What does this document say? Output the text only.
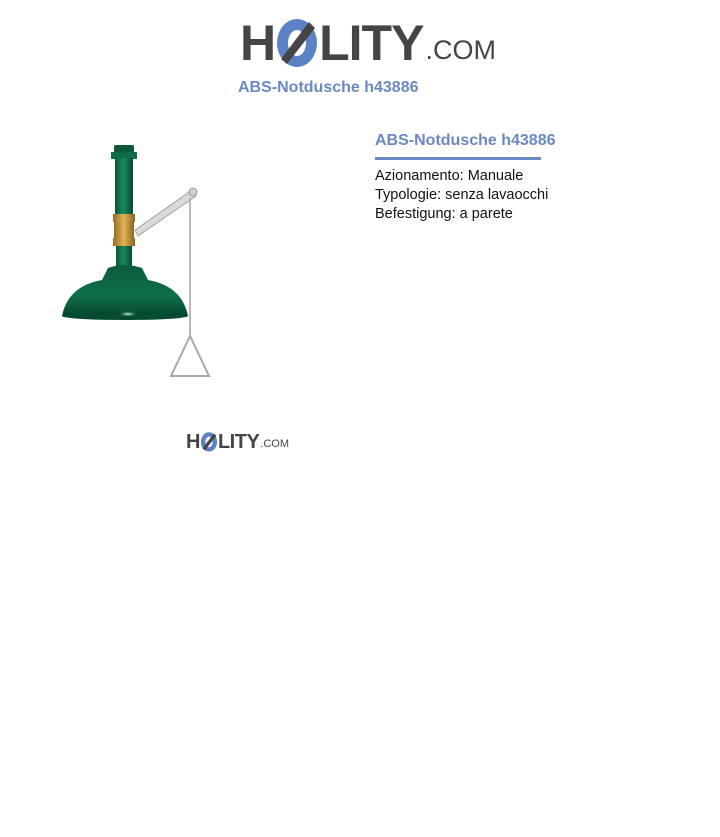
H LITY .COM
ABS-Notdusche h43886
H LITY .COM
ABS-Notdusche h43886
Azionamento: Manuale
Typologie: senza lavaocchi
Befestigung: a parete
